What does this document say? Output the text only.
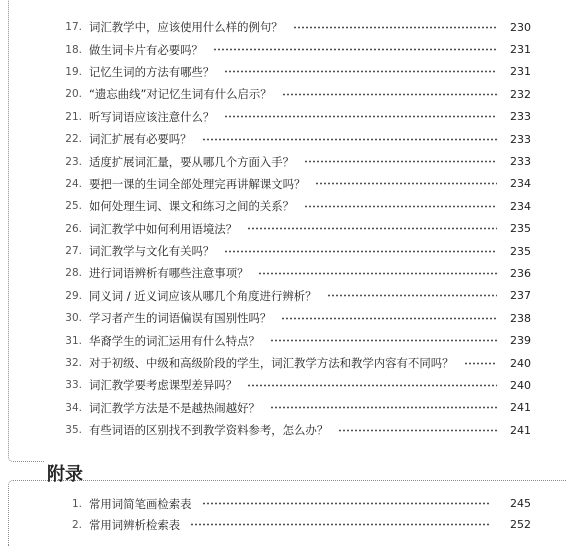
17. 词汇教学中，应该使用什么样的例句？	230
18. 做生词卡片有必要吗？	231
19. 记忆生词的方法有哪些？	231
20. “遗忘曲线”对记忆生词有什么启示？	232
21. 听写词语应该注意什么？	233
22. 词汇扩展有必要吗？	233
23. 适度扩展词汇量，要从哪几个方面入手？	233
24. 要把一课的生词全部处理完再讲解课文吗？	234
25. 如何处理生词、课文和练习之间的关系？	234
26. 词汇教学中如何利用语境法？	235
27. 词汇教学与文化有关吗？	235
28. 进行词语辨析有哪些注意事项？	236
29. 同义词 / 近义词应该从哪几个角度进行辨析？	237
30. 学习者产生的词语偏误有国别性吗？	238
31. 华裔学生的词汇运用有什么特点？	239
32. 对于初级、中级和高级阶段的学生，词汇教学方法和教学内容有不同吗？	240
33. 词汇教学要考虑课型差异吗？	240
34. 词汇教学方法是不是越热闹越好？	241
35. 有些词语的区别找不到教学资料参考，怎么办？	241
附录
1. 常用词简笔画检索表	245
2. 常用词辨析检索表	252
